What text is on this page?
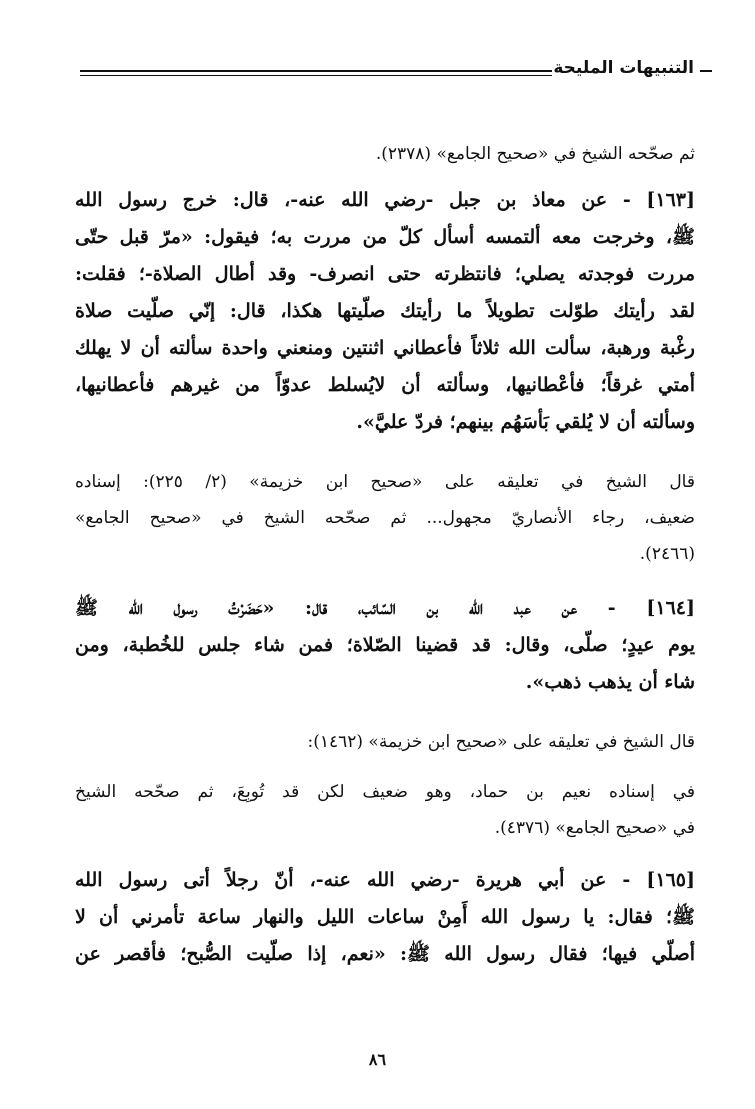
التنبيهات المليحة
ثم صحّحه الشيخ في «صحيح الجامع» (٢٣٧٨).
[١٦٣] - عن معاذ بن جبل -رضي الله عنه-، قال: خرج رسول الله
ﷺ، وخرجت معه ألتمسه أسأل كلّ من مررت به؛ فيقول: «مرّ قبل حتّى
مررت فوجدته يصلي؛ فانتظرته حتى انصرف- وقد أطال الصلاة-؛ فقلت:
لقد رأيتك طوّلت تطويلاً ما رأيتك صلّيتها هكذا، قال: إنّي صلّيت صلاة
رغْبة ورهبة، سألت الله ثلاثاً فأعطاني اثنتين ومنعني واحدة سألته أن لا يهلك
أمتي غرقاً؛ فأعْطانيها، وسألته أن لايُسلط عدوّاً من غيرهم فأعطانيها،
وسألته أن لا يُلقي بَأسَهُم بينهم؛ فردّ عليَّ».
قال الشيخ في تعليقه على «صحيح ابن خزيمة» (٢/ ٢٢٥): إسناده
ضعيف، رجاء الأنصاريّ مجهول... ثم صحّحه الشيخ في «صحيح الجامع»
(٢٤٦٦).
[١٦٤] - عن عبد الله بن السّائب، قال: «حَضَرْتُ رسول الله ﷺ
يوم عيدٍ؛ صلّى، وقال: قد قضينا الصّلاة؛ فمن شاء جلس للخُطبة، ومن
شاء أن يذهب ذهب».
قال الشيخ في تعليقه على «صحيح ابن خزيمة» (١٤٦٢):
في إسناده نعيم بن حماد، وهو ضعيف لكن قد تُوبِعَ، ثم صحّحه الشيخ
في «صحيح الجامع» (٤٣٧٦).
[١٦٥] - عن أبي هريرة -رضي الله عنه-، أنّ رجلاً أتى رسول الله
ﷺ؛ فقال: يا رسول الله أَمِنْ ساعات الليل والنهار ساعة تأمرني أن لا
أصلّي فيها؛ فقال رسول الله ﷺ: «نعم، إذا صلّيت الصُّبح؛ فأقصر عن
٨٦
